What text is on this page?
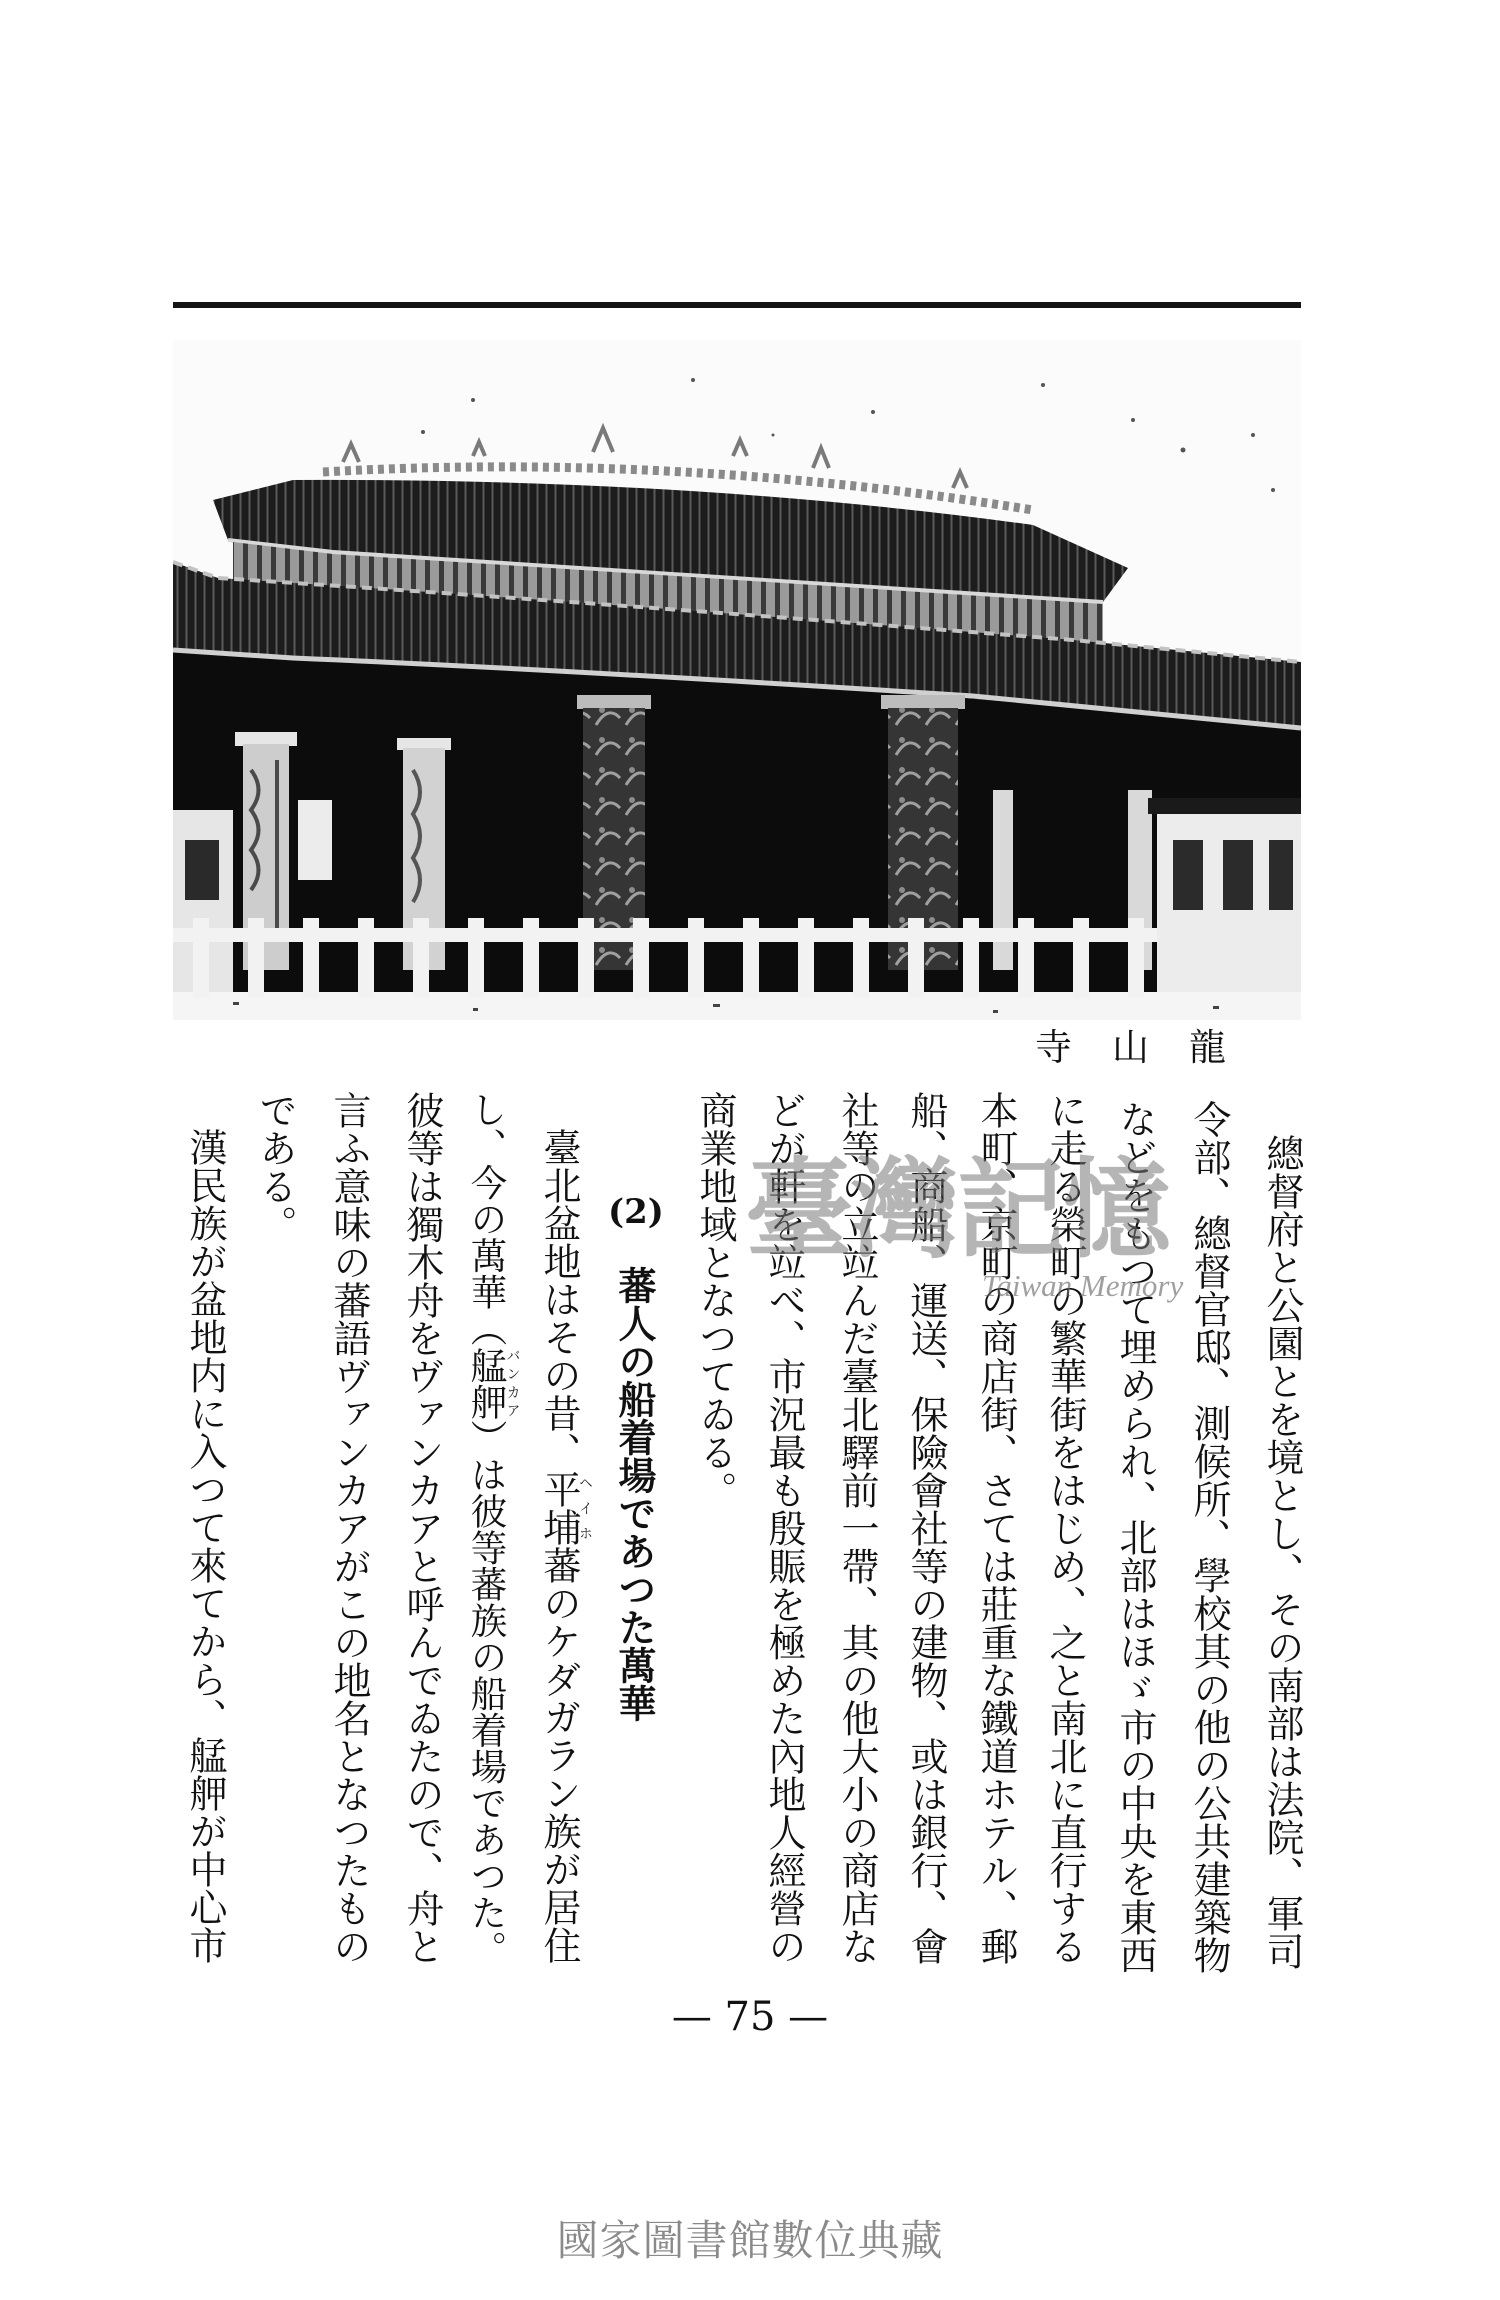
龍山寺
總督府と公園とを境とし、その南部は法院、軍司
令部、總督官邸、測候所、學校其の他の公共建築物
などをもつて埋められ、北部はほゞ市の中央を東西
に走る榮町の繁華街をはじめ、之と南北に直行する
本町、京町の商店街、さては莊重な鐵道ホテル、郵
船、商船、運送、保險會社等の建物、或は銀行、會
社等の立竝んだ臺北驛前一帶、其の他大小の商店な
どが軒を竝べ、市況最も殷賑を極めた內地人經營の
商業地域となつてゐる。
(2)
蕃人の船着場であつた萬華
臺北盆地はその昔、平埔ヘイホ蕃のケダガラン族が居住
し、今の萬華（艋舺バンカア）は彼等蕃族の船着場であつた。
彼等は獨木舟をヴァンカアと呼んでゐたので、舟と
言ふ意味の蕃語ヴァンカアがこの地名となつたもの
である。
漢民族が盆地内に入つて來てから、艋舺が中心市
— 75 —
臺灣記憶
Taiwan Memory
國家圖書館數位典藏
